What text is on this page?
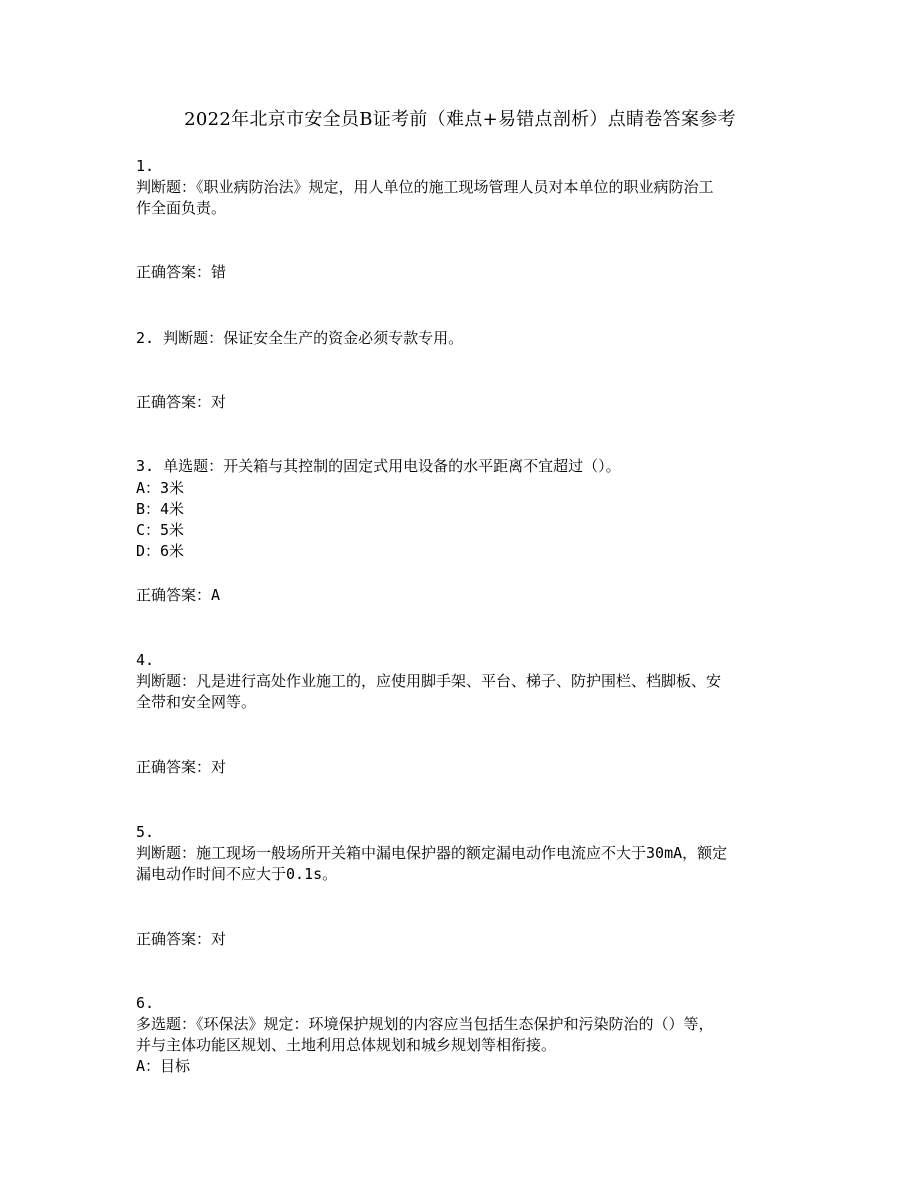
2022年北京市安全员B证考前（难点+易错点剖析）点睛卷答案参考
1.
判断题：《职业病防治法》规定，用人单位的施工现场管理人员对本单位的职业病防治工
作全面负责。
正确答案：错
2. 判断题：保证安全生产的资金必须专款专用。
正确答案：对
3. 单选题：开关箱与其控制的固定式用电设备的水平距离不宜超过（）。
A：3米
B：4米
C：5米
D：6米
正确答案：A
4.
判断题：凡是进行高处作业施工的，应使用脚手架、平台、梯子、防护围栏、档脚板、安
全带和安全网等。
正确答案：对
5.
判断题：施工现场一般场所开关箱中漏电保护器的额定漏电动作电流应不大于30mA，额定
漏电动作时间不应大于0.1s。
正确答案：对
6.
多选题：《环保法》规定：环境保护规划的内容应当包括生态保护和污染防治的（）等，
并与主体功能区规划、土地利用总体规划和城乡规划等相衔接。
A：目标
